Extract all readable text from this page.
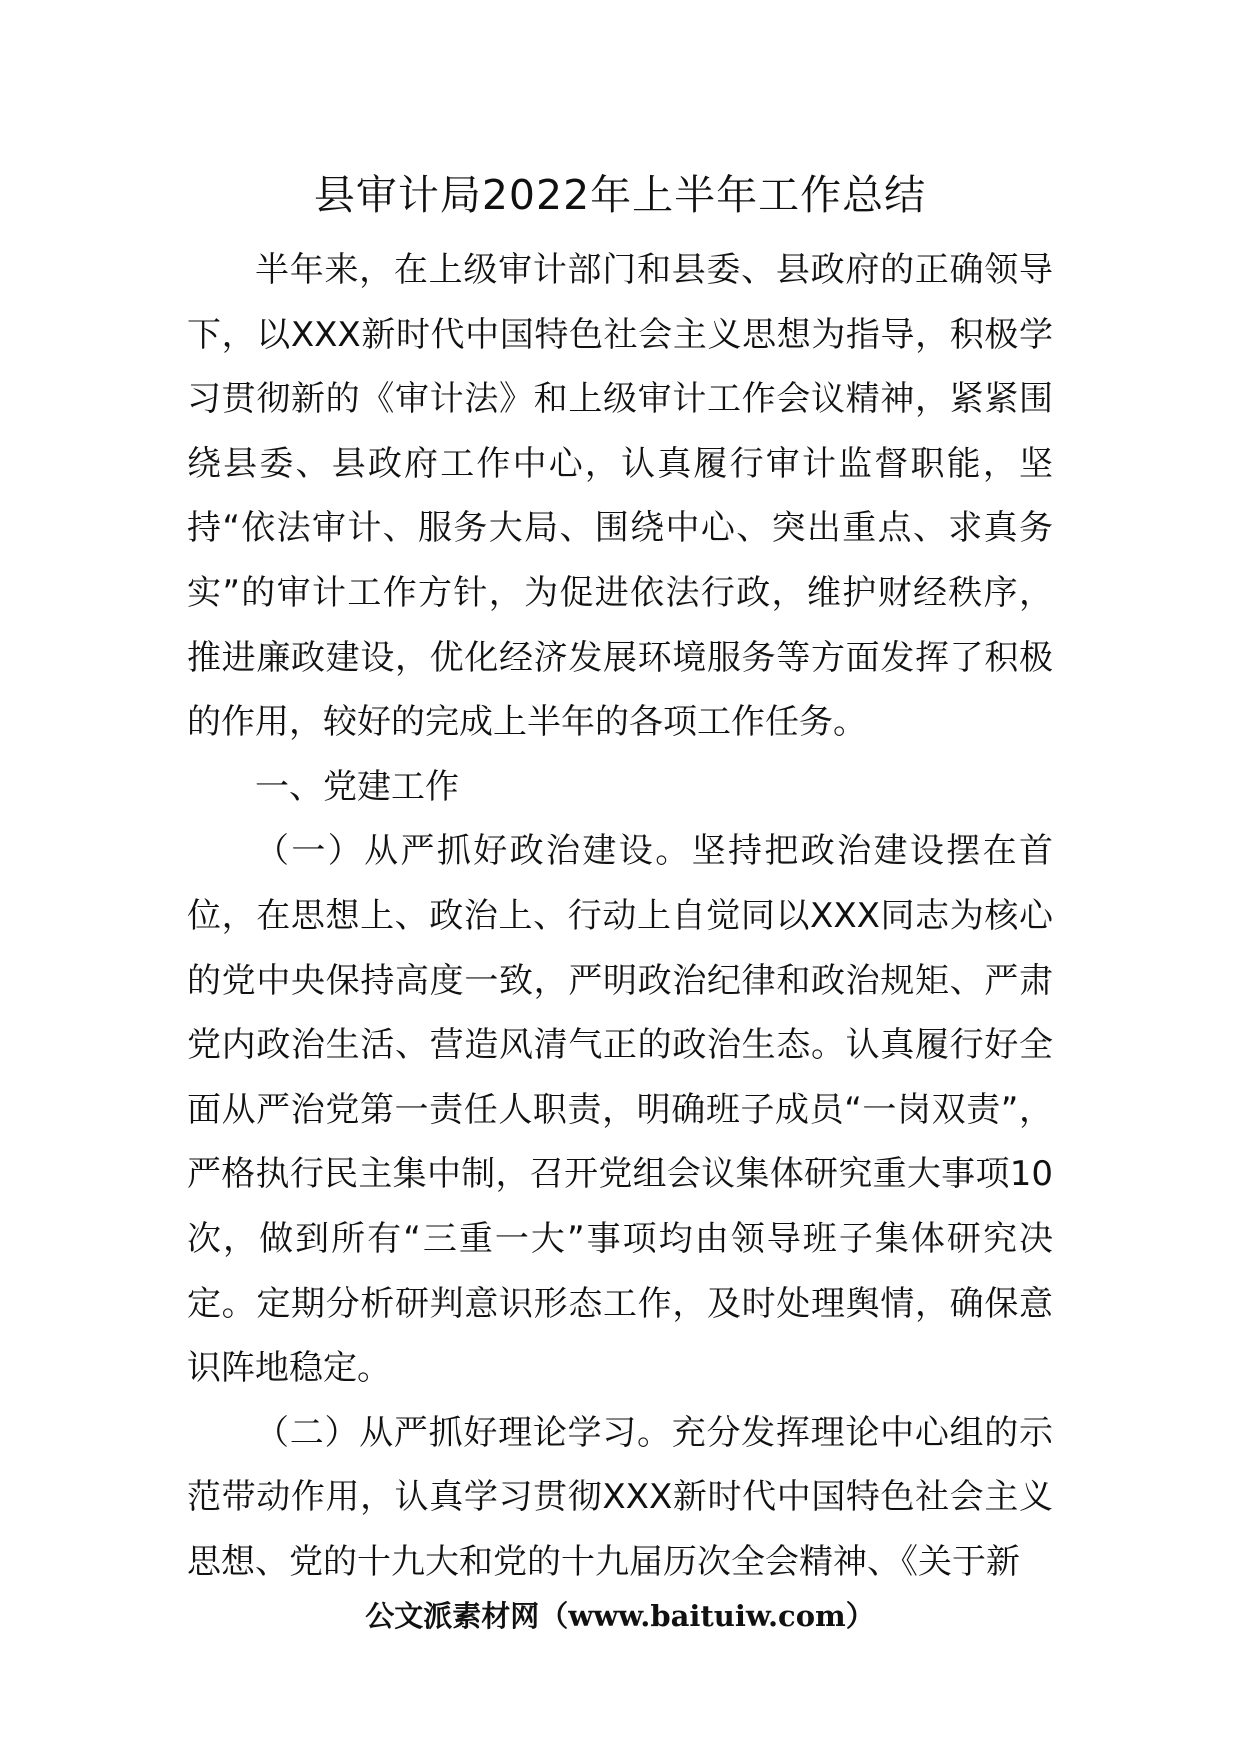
县审计局2022年上半年工作总结

半年来，在上级审计部门和县委、县政府的正确领导下，以XXX新时代中国特色社会主义思想为指导，积极学习贯彻新的《审计法》和上级审计工作会议精神，紧紧围绕县委、县政府工作中心，认真履行审计监督职能，坚持“依法审计、服务大局、围绕中心、突出重点、求真务实”的审计工作方针，为促进依法行政，维护财经秩序，推进廉政建设，优化经济发展环境服务等方面发挥了积极的作用，较好的完成上半年的各项工作任务。

一、党建工作

（一）从严抓好政治建设。坚持把政治建设摆在首位，在思想上、政治上、行动上自觉同以XXX同志为核心的党中央保持高度一致，严明政治纪律和政治规矩、严肃党内政治生活、营造风清气正的政治生态。认真履行好全面从严治党第一责任人职责，明确班子成员“一岗双责”，严格执行民主集中制，召开党组会议集体研究重大事项10次，做到所有“三重一大”事项均由领导班子集体研究决定。定期分析研判意识形态工作，及时处理舆情，确保意识阵地稳定。

（二）从严抓好理论学习。充分发挥理论中心组的示范带动作用，认真学习贯彻XXX新时代中国特色社会主义思想、党的十九大和党的十九届历次全会精神、《关于新

公文派素材网（www.baituiw.com）
